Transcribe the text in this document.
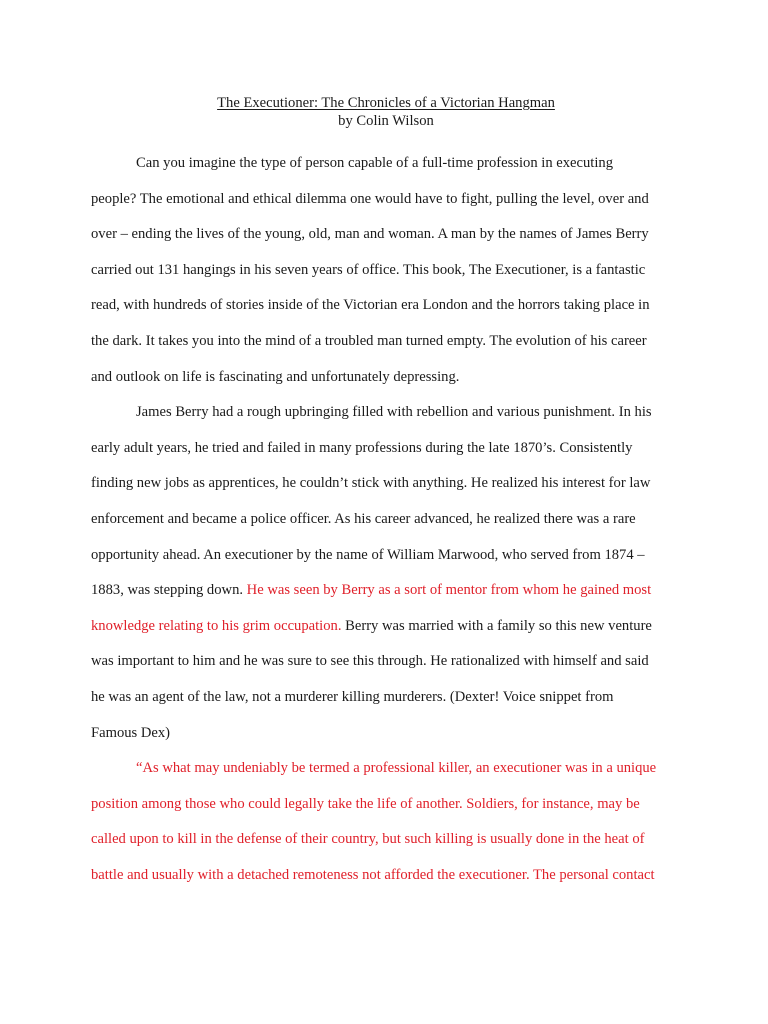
The Executioner: The Chronicles of a Victorian Hangman
by Colin Wilson
Can you imagine the type of person capable of a full-time profession in executing
people? The emotional and ethical dilemma one would have to fight, pulling the level, over and
over – ending the lives of the young, old, man and woman. A man by the names of James Berry
carried out 131 hangings in his seven years of office. This book, The Executioner, is a fantastic
read, with hundreds of stories inside of the Victorian era London and the horrors taking place in
the dark. It takes you into the mind of a troubled man turned empty. The evolution of his career
and outlook on life is fascinating and unfortunately depressing.
James Berry had a rough upbringing filled with rebellion and various punishment. In his
early adult years, he tried and failed in many professions during the late 1870’s. Consistently
finding new jobs as apprentices, he couldn’t stick with anything. He realized his interest for law
enforcement and became a police officer. As his career advanced, he realized there was a rare
opportunity ahead. An executioner by the name of William Marwood, who served from 1874 –
1883, was stepping down. He was seen by Berry as a sort of mentor from whom he gained most
knowledge relating to his grim occupation. Berry was married with a family so this new venture
was important to him and he was sure to see this through. He rationalized with himself and said
he was an agent of the law, not a murderer killing murderers. (Dexter! Voice snippet from
Famous Dex)
“As what may undeniably be termed a professional killer, an executioner was in a unique
position among those who could legally take the life of another. Soldiers, for instance, may be
called upon to kill in the defense of their country, but such killing is usually done in the heat of
battle and usually with a detached remoteness not afforded the executioner. The personal contact
